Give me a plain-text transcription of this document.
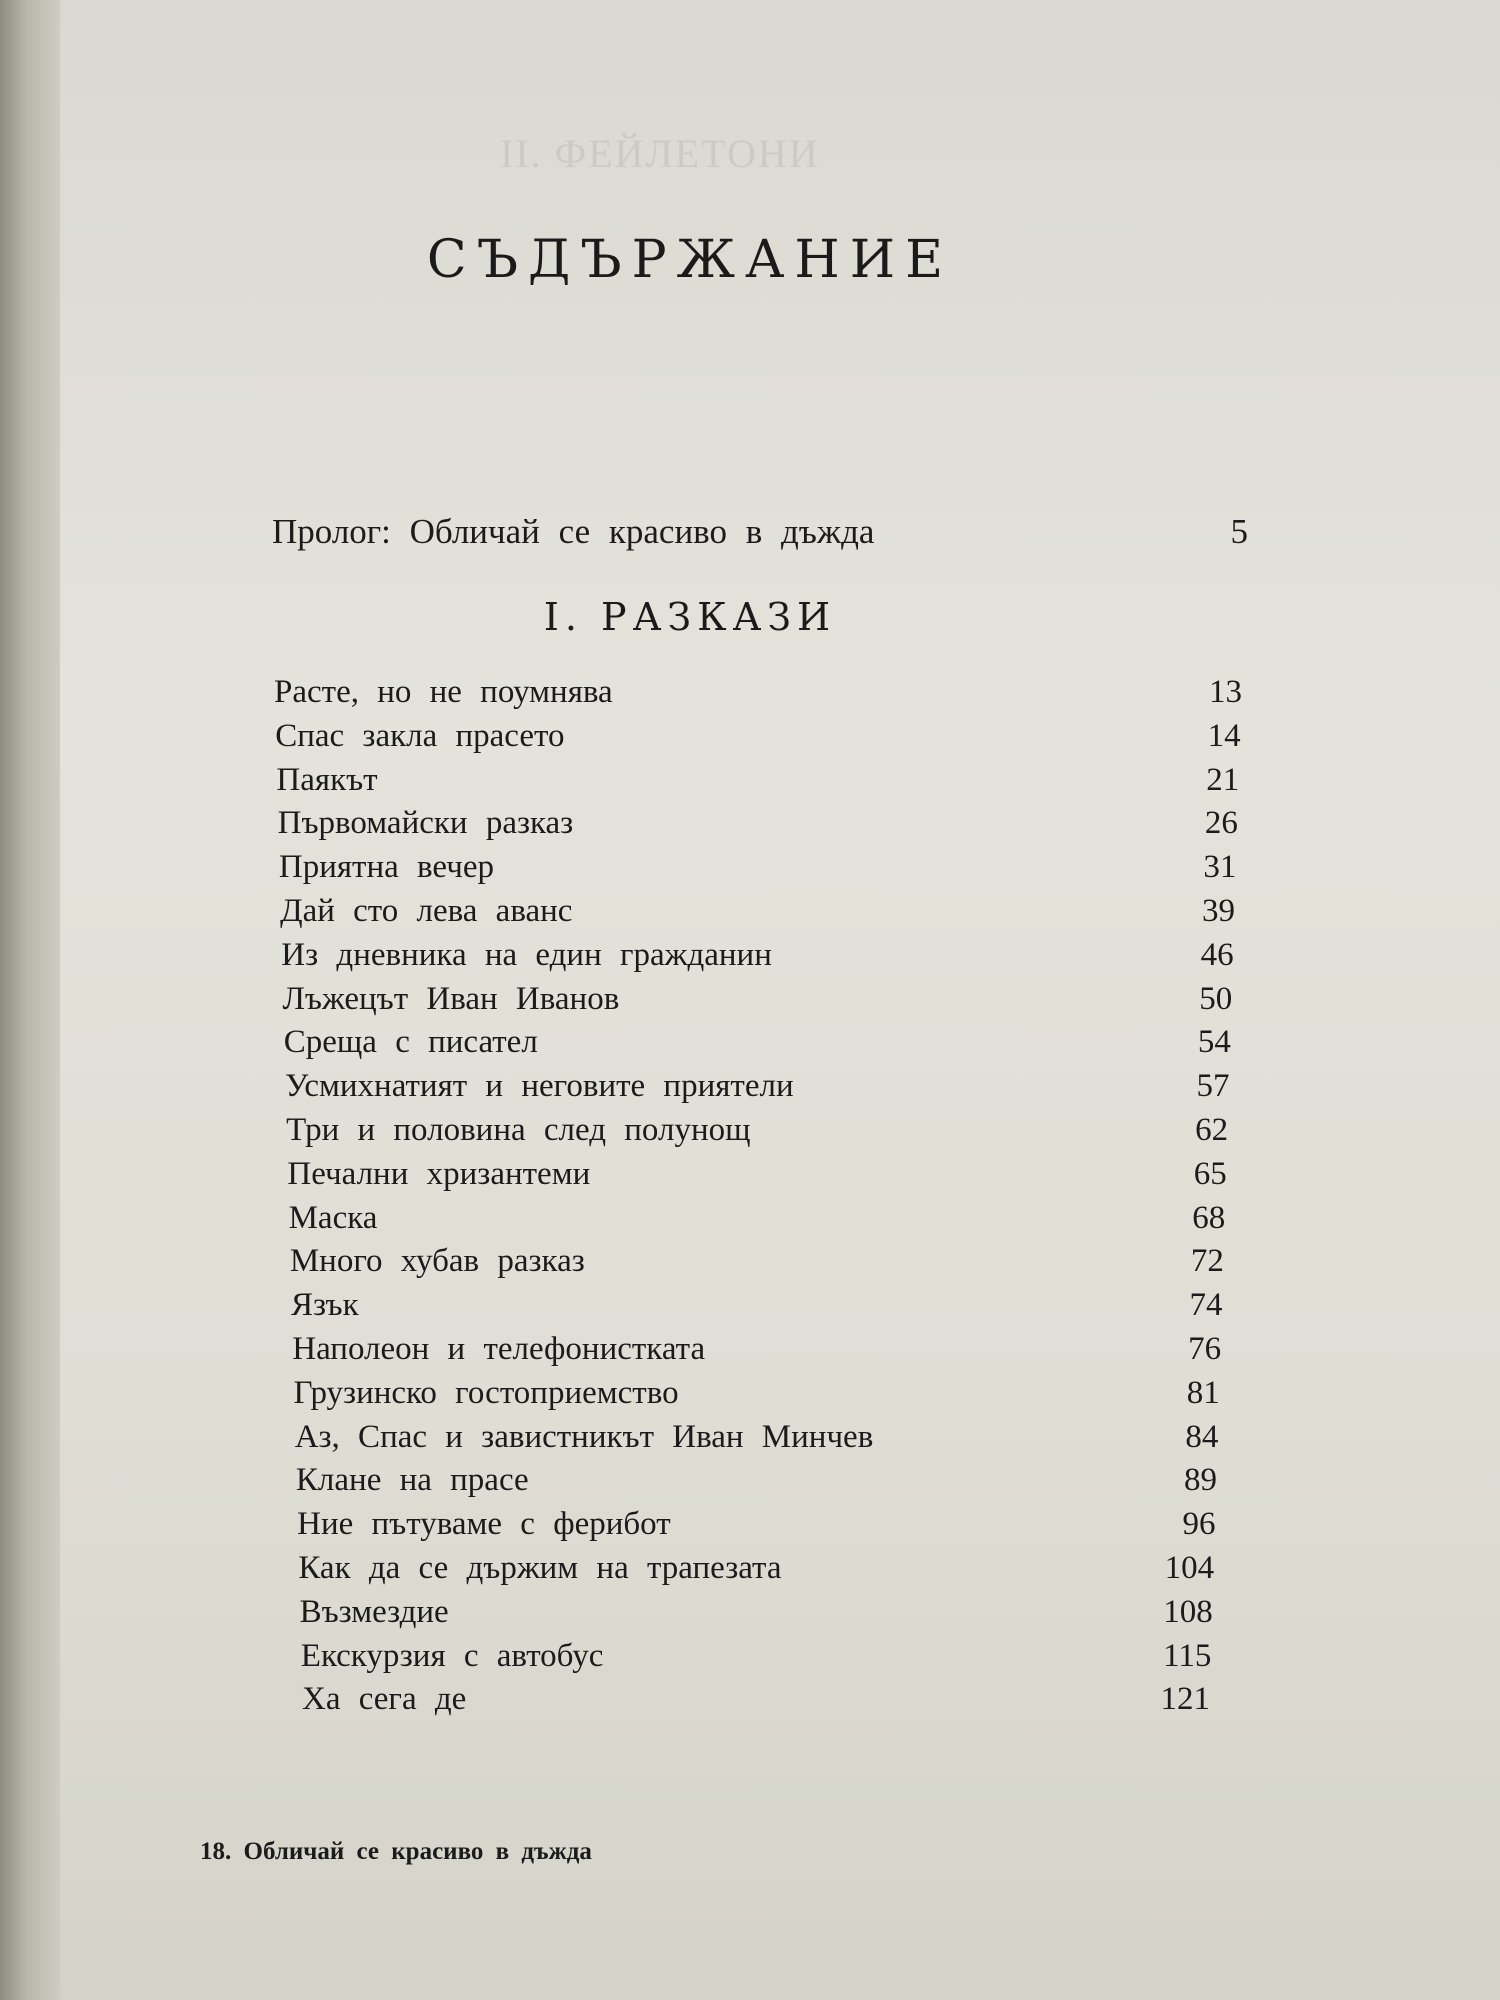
II. ФЕЙЛЕТОНИ
СЪДЪРЖАНИЕ
Пролог: Обличай се красиво в дъжда	5
I. РАЗКАЗИ
Расте, но не поумнява	13
Спас закла прасето	14
Паякът	21
Първомайски разказ	26
Приятна вечер	31
Дай сто лева аванс	39
Из дневника на един гражданин	46
Лъжецът Иван Иванов	50
Среща с писател	54
Усмихнатият и неговите приятели	57
Три и половина след полунощ	62
Печални хризантеми	65
Маска	68
Много хубав разказ	72
Язък	74
Наполеон и телефонистката	76
Грузинско гостоприемство	81
Аз, Спас и завистникът Иван Минчев	84
Клане на прасе	89
Ние пътуваме с ферибот	96
Как да се държим на трапезата	104
Възмездие	108
Екскурзия с автобус	115
Ха сега де	121
18. Обличай се красиво в дъжда
